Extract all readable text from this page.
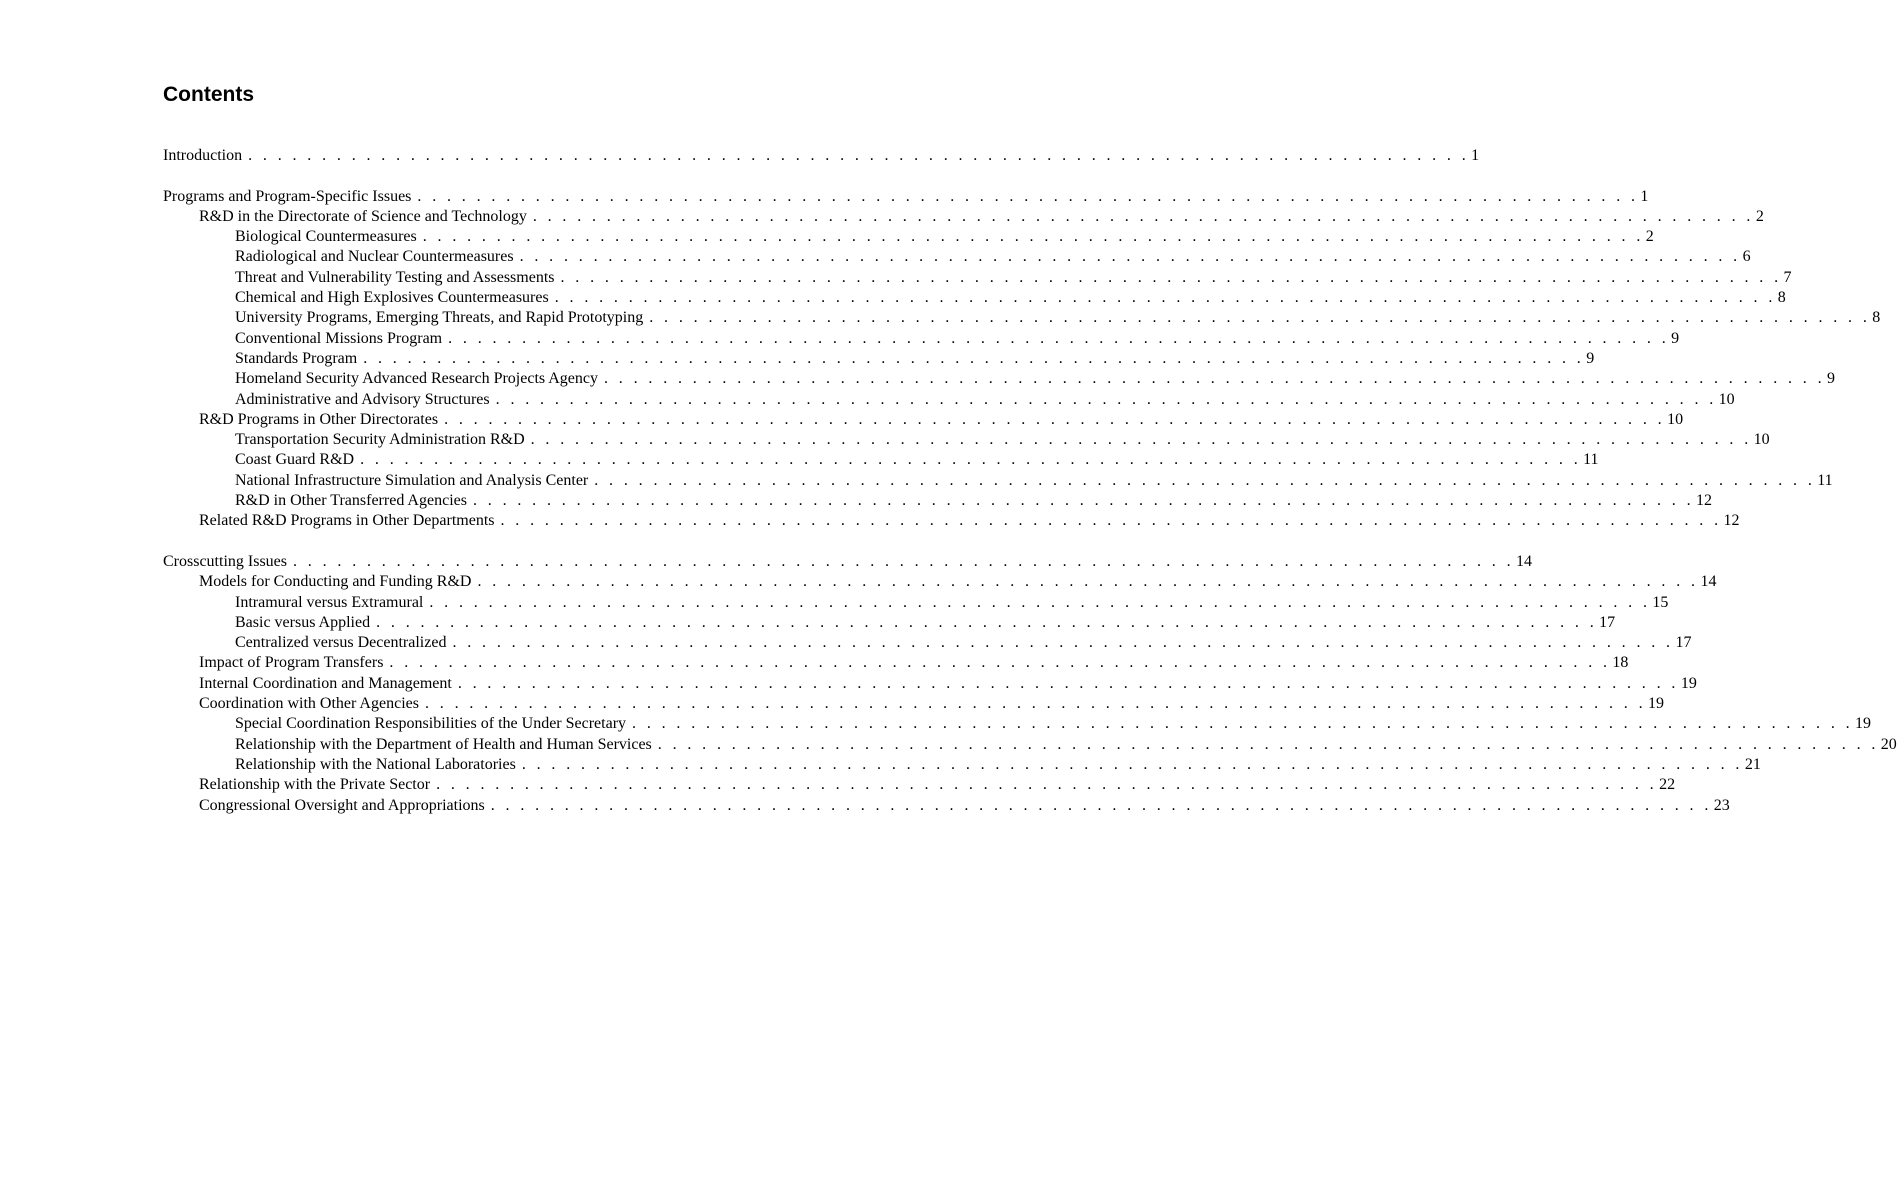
Contents
Introduction . . . . . . . . . . . . . . . . . . . . . . . . . . . . . . . . . . . . . . . . . . . . . . . . . . . . . . . . . . . . . . . . . . . . . . . . . . . . . . . . . . . 1
Programs and Program-Specific Issues . . . . . . . . . . . . . . . . . . . . . . . . . . . . . . . . . . . . . . . . . . . . . . . . . . . . . . . . . . . . . . . . . . . . . . . . . . . . . . . . . . . 1
R&D in the Directorate of Science and Technology . . . . . . . . . . . . . . . . . . . . . . . . . . . . . . . . . . . . . . . . . . . . . . . . . . . . . . . . . . . . . . . . . . . . . . . . . . . . . . . . . . . 2
Biological Countermeasures . . . . . . . . . . . . . . . . . . . . . . . . . . . . . . . . . . . . . . . . . . . . . . . . . . . . . . . . . . . . . . . . . . . . . . . . . . . . . . . . . . . 2
Radiological and Nuclear Countermeasures . . . . . . . . . . . . . . . . . . . . . . . . . . . . . . . . . . . . . . . . . . . . . . . . . . . . . . . . . . . . . . . . . . . . . . . . . . . . . . . . . . . 6
Threat and Vulnerability Testing and Assessments . . . . . . . . . . . . . . . . . . . . . . . . . . . . . . . . . . . . . . . . . . . . . . . . . . . . . . . . . . . . . . . . . . . . . . . . . . . . . . . . . . . 7
Chemical and High Explosives Countermeasures . . . . . . . . . . . . . . . . . . . . . . . . . . . . . . . . . . . . . . . . . . . . . . . . . . . . . . . . . . . . . . . . . . . . . . . . . . . . . . . . . . . 8
University Programs, Emerging Threats, and Rapid Prototyping . . . . . . . . . . . . . . . . . . . . . . . . . . . . . . . . . . . . . . . . . . . . . . . . . . . . . . . . . . . . . . . . . . . . . . . . . . . . . . . . . . . 8
Conventional Missions Program . . . . . . . . . . . . . . . . . . . . . . . . . . . . . . . . . . . . . . . . . . . . . . . . . . . . . . . . . . . . . . . . . . . . . . . . . . . . . . . . . . . 9
Standards Program . . . . . . . . . . . . . . . . . . . . . . . . . . . . . . . . . . . . . . . . . . . . . . . . . . . . . . . . . . . . . . . . . . . . . . . . . . . . . . . . . . . 9
Homeland Security Advanced Research Projects Agency . . . . . . . . . . . . . . . . . . . . . . . . . . . . . . . . . . . . . . . . . . . . . . . . . . . . . . . . . . . . . . . . . . . . . . . . . . . . . . . . . . . 9
Administrative and Advisory Structures . . . . . . . . . . . . . . . . . . . . . . . . . . . . . . . . . . . . . . . . . . . . . . . . . . . . . . . . . . . . . . . . . . . . . . . . . . . . . . . . . . . 10
R&D Programs in Other Directorates . . . . . . . . . . . . . . . . . . . . . . . . . . . . . . . . . . . . . . . . . . . . . . . . . . . . . . . . . . . . . . . . . . . . . . . . . . . . . . . . . . . 10
Transportation Security Administration R&D . . . . . . . . . . . . . . . . . . . . . . . . . . . . . . . . . . . . . . . . . . . . . . . . . . . . . . . . . . . . . . . . . . . . . . . . . . . . . . . . . . . 10
Coast Guard R&D . . . . . . . . . . . . . . . . . . . . . . . . . . . . . . . . . . . . . . . . . . . . . . . . . . . . . . . . . . . . . . . . . . . . . . . . . . . . . . . . . . . 11
National Infrastructure Simulation and Analysis Center . . . . . . . . . . . . . . . . . . . . . . . . . . . . . . . . . . . . . . . . . . . . . . . . . . . . . . . . . . . . . . . . . . . . . . . . . . . . . . . . . . . 11
R&D in Other Transferred Agencies . . . . . . . . . . . . . . . . . . . . . . . . . . . . . . . . . . . . . . . . . . . . . . . . . . . . . . . . . . . . . . . . . . . . . . . . . . . . . . . . . . . 12
Related R&D Programs in Other Departments . . . . . . . . . . . . . . . . . . . . . . . . . . . . . . . . . . . . . . . . . . . . . . . . . . . . . . . . . . . . . . . . . . . . . . . . . . . . . . . . . . . 12
Crosscutting Issues . . . . . . . . . . . . . . . . . . . . . . . . . . . . . . . . . . . . . . . . . . . . . . . . . . . . . . . . . . . . . . . . . . . . . . . . . . . . . . . . . . . 14
Models for Conducting and Funding R&D . . . . . . . . . . . . . . . . . . . . . . . . . . . . . . . . . . . . . . . . . . . . . . . . . . . . . . . . . . . . . . . . . . . . . . . . . . . . . . . . . . . 14
Intramural versus Extramural . . . . . . . . . . . . . . . . . . . . . . . . . . . . . . . . . . . . . . . . . . . . . . . . . . . . . . . . . . . . . . . . . . . . . . . . . . . . . . . . . . . 15
Basic versus Applied . . . . . . . . . . . . . . . . . . . . . . . . . . . . . . . . . . . . . . . . . . . . . . . . . . . . . . . . . . . . . . . . . . . . . . . . . . . . . . . . . . . 17
Centralized versus Decentralized . . . . . . . . . . . . . . . . . . . . . . . . . . . . . . . . . . . . . . . . . . . . . . . . . . . . . . . . . . . . . . . . . . . . . . . . . . . . . . . . . . . 17
Impact of Program Transfers . . . . . . . . . . . . . . . . . . . . . . . . . . . . . . . . . . . . . . . . . . . . . . . . . . . . . . . . . . . . . . . . . . . . . . . . . . . . . . . . . . . 18
Internal Coordination and Management . . . . . . . . . . . . . . . . . . . . . . . . . . . . . . . . . . . . . . . . . . . . . . . . . . . . . . . . . . . . . . . . . . . . . . . . . . . . . . . . . . . 19
Coordination with Other Agencies . . . . . . . . . . . . . . . . . . . . . . . . . . . . . . . . . . . . . . . . . . . . . . . . . . . . . . . . . . . . . . . . . . . . . . . . . . . . . . . . . . . 19
Special Coordination Responsibilities of the Under Secretary . . . . . . . . . . . . . . . . . . . . . . . . . . . . . . . . . . . . . . . . . . . . . . . . . . . . . . . . . . . . . . . . . . . . . . . . . . . . . . . . . . . 19
Relationship with the Department of Health and Human Services . . . . . . . . . . . . . . . . . . . . . . . . . . . . . . . . . . . . . . . . . . . . . . . . . . . . . . . . . . . . . . . . . . . . . . . . . . . . . . . . . . . 20
Relationship with the National Laboratories . . . . . . . . . . . . . . . . . . . . . . . . . . . . . . . . . . . . . . . . . . . . . . . . . . . . . . . . . . . . . . . . . . . . . . . . . . . . . . . . . . . 21
Relationship with the Private Sector . . . . . . . . . . . . . . . . . . . . . . . . . . . . . . . . . . . . . . . . . . . . . . . . . . . . . . . . . . . . . . . . . . . . . . . . . . . . . . . . . . . 22
Congressional Oversight and Appropriations . . . . . . . . . . . . . . . . . . . . . . . . . . . . . . . . . . . . . . . . . . . . . . . . . . . . . . . . . . . . . . . . . . . . . . . . . . . . . . . . . . . 23
